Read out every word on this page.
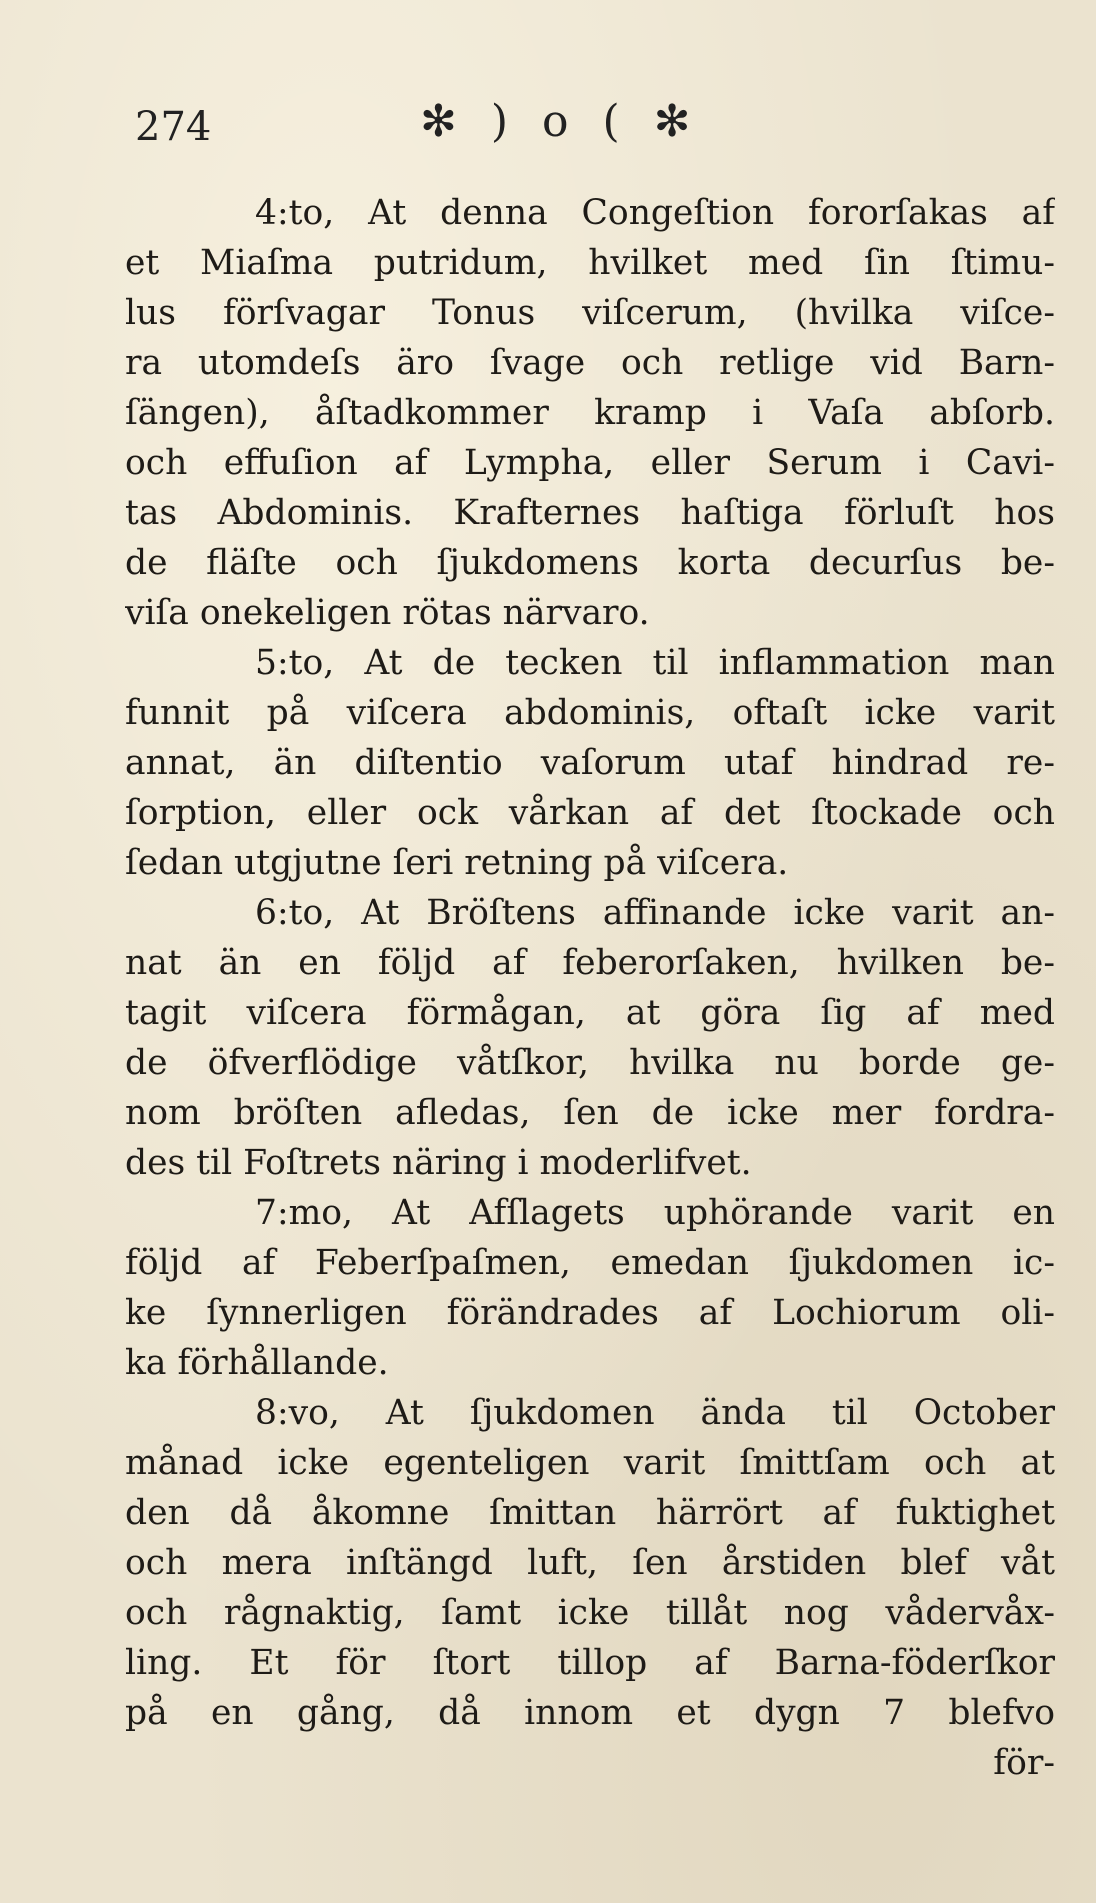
274	✻ ) o ( ✻
4:to, At denna Congeſtion fororſakas af
et Miaſma putridum, hvilket med ſin ſtimu-
lus förſvagar Tonus viſcerum, (hvilka viſce-
ra utomdeſs äro ſvage och retlige vid Barn-
ſängen), åſtadkommer kramp i Vaſa abſorb.
och effuſion af Lympha, eller Serum i Cavi-
tas Abdominis. Krafternes haſtiga förluſt hos
de fläſte och ſjukdomens korta decurſus be-
viſa onekeligen rötas närvaro.
5:to, At de tecken til inflammation man
funnit på viſcera abdominis, oftaſt icke varit
annat, än diſtentio vaſorum utaf hindrad re-
ſorption, eller ock vårkan af det ſtockade och
ſedan utgjutne ſeri retning på viſcera.
6:to, At Bröſtens affinande icke varit an-
nat än en följd af feberorſaken, hvilken be-
tagit viſcera förmågan, at göra ſig af med
de öfverflödige våtſkor, hvilka nu borde ge-
nom bröſten afledas, ſen de icke mer fordra-
des til Foſtrets näring i moderlifvet.
7:mo, At Afſlagets uphörande varit en
följd af Feberſpaſmen, emedan ſjukdomen ic-
ke ſynnerligen förändrades af Lochiorum oli-
ka förhållande.
8:vo, At ſjukdomen ända til October
månad icke egenteligen varit ſmittſam och at
den då åkomne ſmittan härrört af fuktighet
och mera inſtängd luft, ſen årstiden blef våt
och rågnaktig, ſamt icke tillåt nog vådervåx-
ling. Et för ſtort tillop af Barna-föderſkor
på en gång, då innom et dygn 7 blefvo
för-
